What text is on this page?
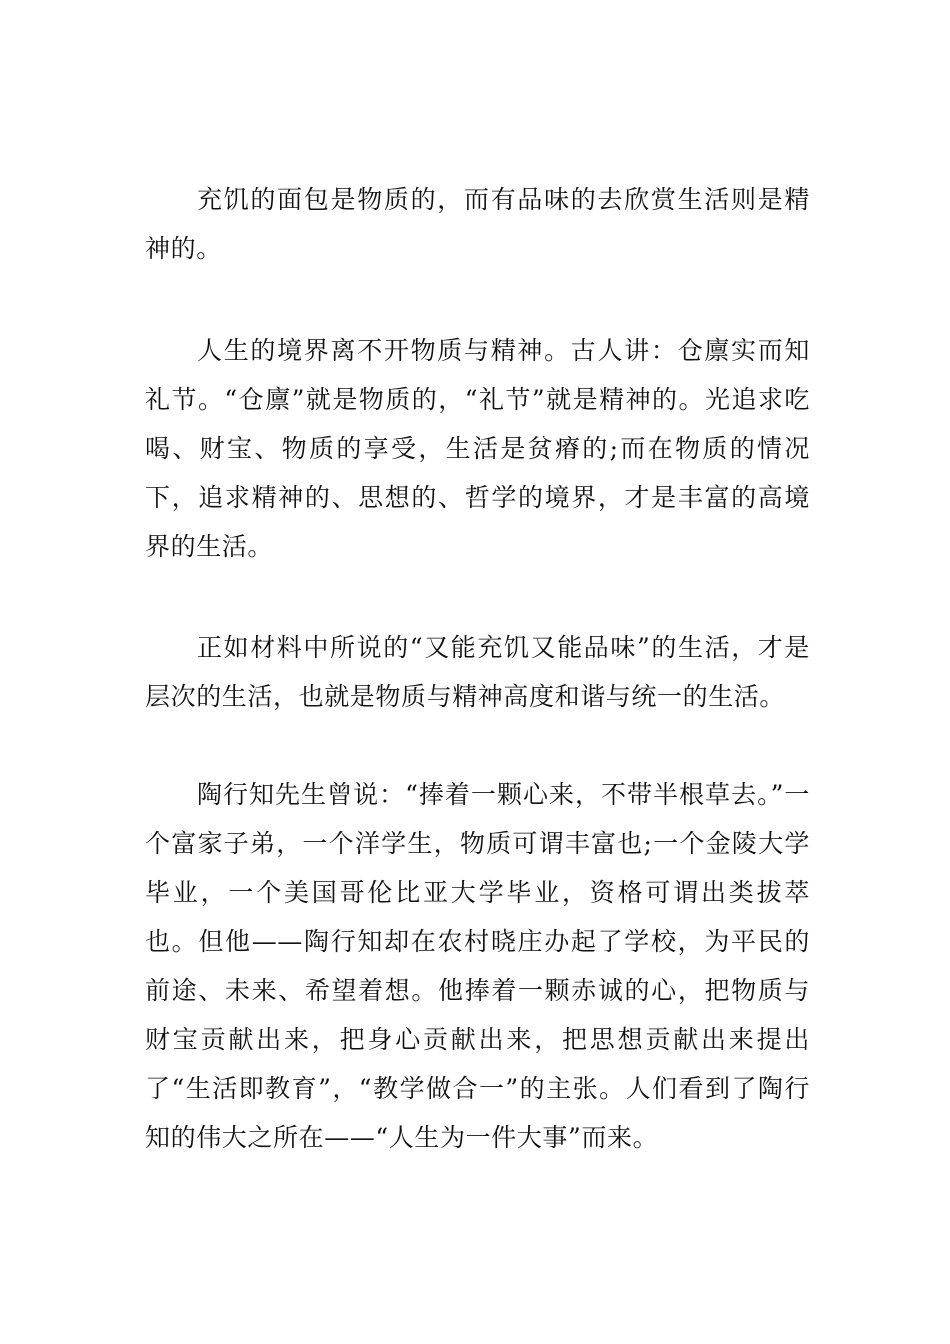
充饥的面包是物质的，而有品味的去欣赏生活则是精神的。

人生的境界离不开物质与精神。古人讲：仓廪实而知礼节。“仓廪”就是物质的，“礼节”就是精神的。光追求吃喝、财宝、物质的享受，生活是贫瘠的;而在物质的情况下，追求精神的、思想的、哲学的境界，才是丰富的高境界的生活。

正如材料中所说的“又能充饥又能品味”的生活，才是层次的生活，也就是物质与精神高度和谐与统一的生活。

陶行知先生曾说：“捧着一颗心来，不带半根草去。”一个富家子弟，一个洋学生，物质可谓丰富也;一个金陵大学毕业，一个美国哥伦比亚大学毕业，资格可谓出类拔萃也。但他——陶行知却在农村晓庄办起了学校，为平民的前途、未来、希望着想。他捧着一颗赤诚的心，把物质与财宝贡献出来，把身心贡献出来，把思想贡献出来提出了“生活即教育”，“教学做合一”的主张。人们看到了陶行知的伟大之所在——“人生为一件大事”而来。
